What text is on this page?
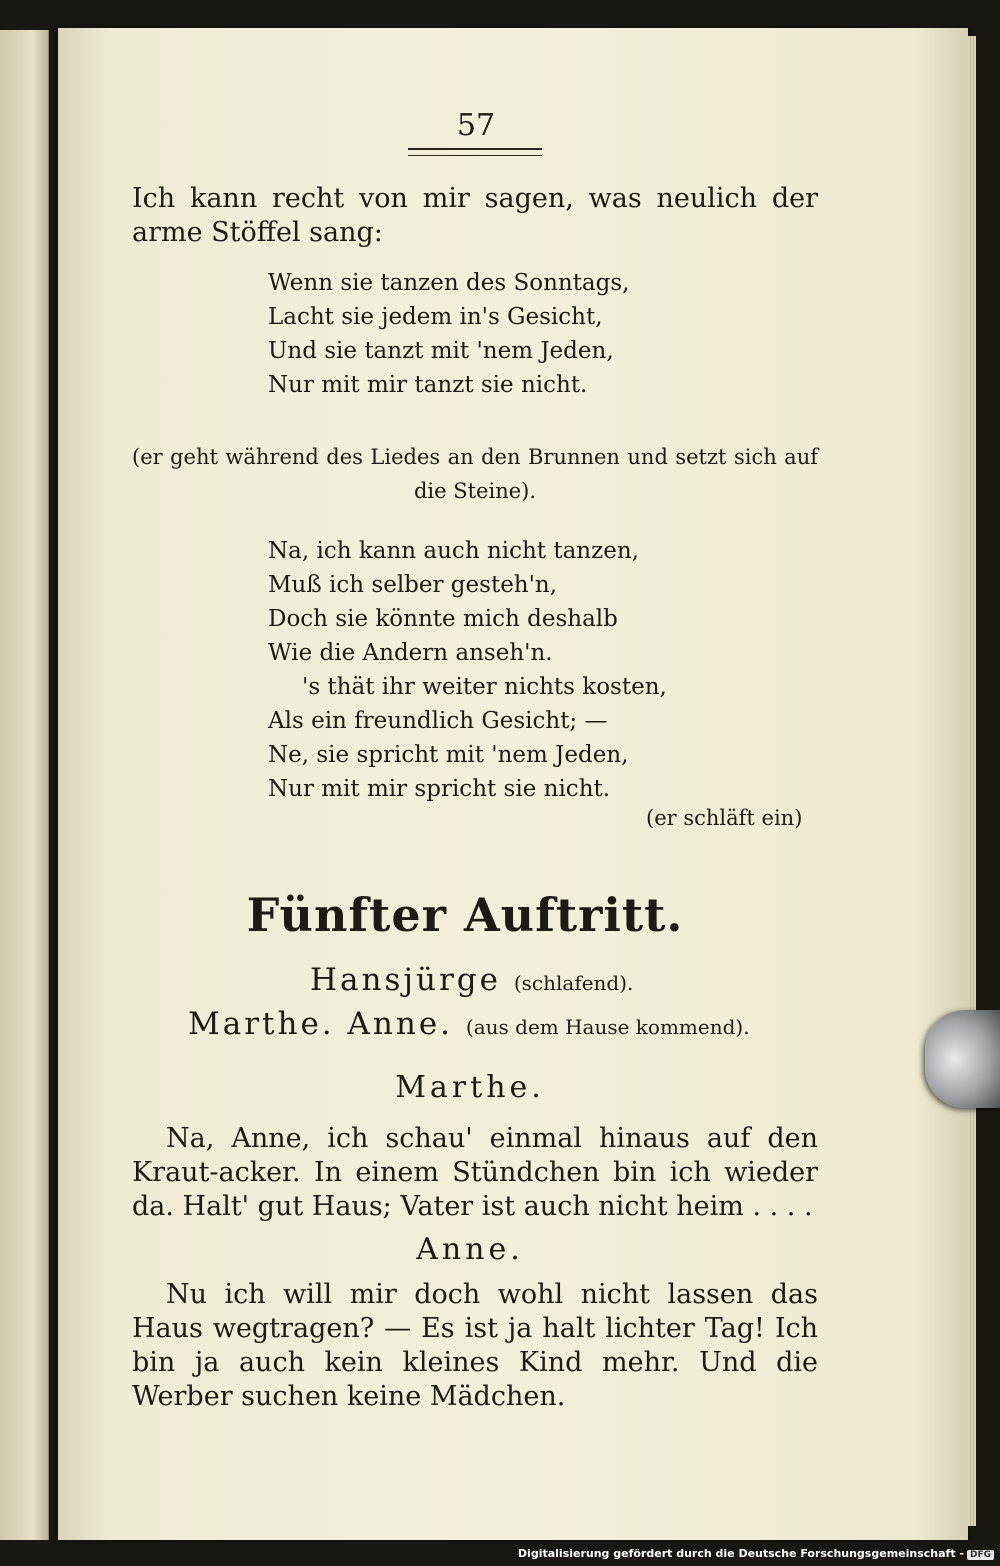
57

Ich kann recht von mir sagen, was neulich der arme Stöffel sang:

Wenn sie tanzen des Sonntags,
Lacht sie jedem in's Gesicht,
Und sie tanzt mit 'nem Jeden,
Nur mit mir tanzt sie nicht.

(er geht während des Liedes an den Brunnen und setzt sich auf die Steine).

Na, ich kann auch nicht tanzen,
Muß ich selber gesteh'n,
Doch sie könnte mich deshalb
Wie die Andern anseh'n.
's thät ihr weiter nichts kosten,
Als ein freundlich Gesicht; —
Ne, sie spricht mit 'nem Jeden,
Nur mit mir spricht sie nicht.
(er schläft ein)
Fünfter Auftritt.
Hansjürge (schlafend).
Marthe. Anne. (aus dem Hause kommend).
Marthe.

Na, Anne, ich schau' einmal hinaus auf den Kraut-acker. In einem Stündchen bin ich wieder da. Halt' gut Haus; Vater ist auch nicht heim . . . .

Anne.

Nu ich will mir doch wohl nicht lassen das Haus wegtragen? — Es ist ja halt lichter Tag! Ich bin ja auch kein kleines Kind mehr. Und die Werber suchen keine Mädchen.

Digitalisierung gefördert durch die Deutsche Forschungsgemeinschaft - DFG
